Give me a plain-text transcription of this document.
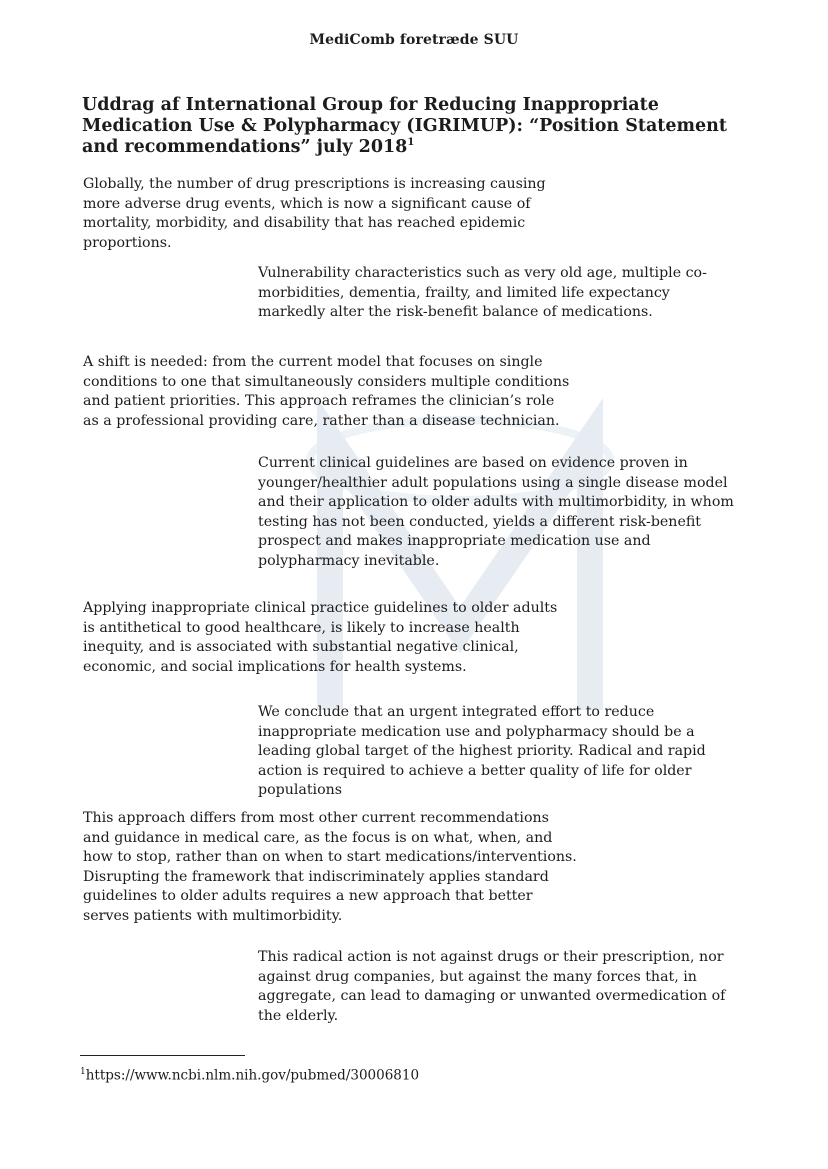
MediComb foretræde SUU
Uddrag af International Group for Reducing Inappropriate Medication Use & Polypharmacy (IGRIMUP): “Position Statement and recommendations” july 2018$^1$

Globally, the number of drug prescriptions is increasing causing more adverse drug events, which is now a significant cause of mortality, morbidity, and disability that has reached epidemic proportions.

Vulnerability characteristics such as very old age, multiple co-morbidities, dementia, frailty, and limited life expectancy markedly alter the risk-benefit balance of medications.

A shift is needed: from the current model that focuses on single conditions to one that simultaneously considers multiple conditions and patient priorities. This approach reframes the clinician’s role as a professional providing care, rather than a disease technician.

Current clinical guidelines are based on evidence proven in younger/healthier adult populations using a single disease model and their application to older adults with multimorbidity, in whom testing has not been conducted, yields a different risk-benefit prospect and makes inappropriate medication use and polypharmacy inevitable.

Applying inappropriate clinical practice guidelines to older adults is antithetical to good healthcare, is likely to increase health inequity, and is associated with substantial negative clinical, economic, and social implications for health systems.

We conclude that an urgent integrated effort to reduce inappropriate medication use and polypharmacy should be a leading global target of the highest priority. Radical and rapid action is required to achieve a better quality of life for older populations

This approach differs from most other current recommendations and guidance in medical care, as the focus is on what, when, and how to stop, rather than on when to start medications/interventions. Disrupting the framework that indiscriminately applies standard guidelines to older adults requires a new approach that better serves patients with multimorbidity.

This radical action is not against drugs or their prescription, nor against drug companies, but against the many forces that, in aggregate, can lead to damaging or unwanted overmedication of the elderly.

$^1$https://www.ncbi.nlm.nih.gov/pubmed/30006810
